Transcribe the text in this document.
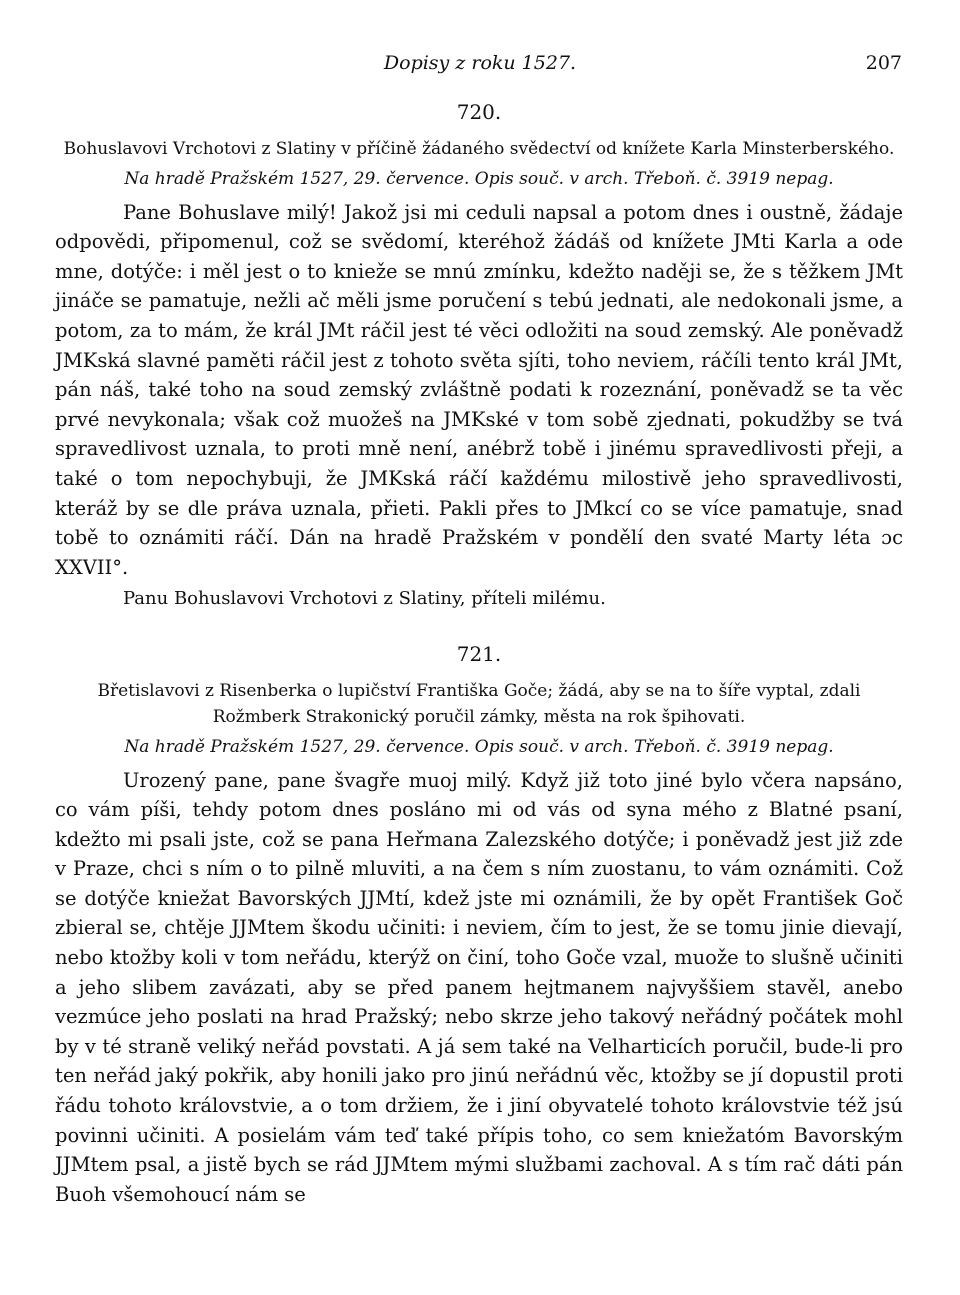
Dopisy z roku 1527.	207

720.

Bohuslavovi Vrchotovi z Slatiny v příčině žádaného svědectví od knížete Karla Minsterberského.

Na hradě Pražském 1527, 29. července. Opis souč. v arch. Třeboň. č. 3919 nepag.

Pane Bohuslave milý! Jakož jsi mi ceduli napsal a potom dnes i oustně, žádaje odpovědi, připomenul, což se svědomí, kteréhož žádáš od knížete JMti Karla a ode mne, dotýče: i měl jest o to knieže se mnú zmínku, kdežto naději se, že s těžkem JMt jináče se pamatuje, nežli ač měli jsme poručení s tebú jednati, ale nedokonali jsme, a potom, za to mám, že král JMt ráčil jest té věci odložiti na soud zemský. Ale poněvadž JMKská slavné paměti ráčil jest z tohoto světa sjíti, toho neviem, ráčíli tento král JMt, pán náš, také toho na soud zemský zvláštně podati k rozeznání, poněvadž se ta věc prvé nevykonala; však což muožeš na JMKské v tom sobě zjednati, pokudžby se tvá spravedlivost uznala, to proti mně není, anébrž tobě i jinému spravedlivosti přeji, a také o tom nepochybuji, že JMKská ráčí každému milostivě jeho spravedlivosti, kteráž by se dle práva uznala, přieti. Pakli přes to JMkcí co se více pamatuje, snad tobě to oznámiti ráčí. Dán na hradě Pražském v pondělí den svaté Marty léta ɔc XXVII°.

Panu Bohuslavovi Vrchotovi z Slatiny, příteli milému.

721.

Břetislavovi z Risenberka o lupičství Františka Goče; žádá, aby se na to šíře vyptal, zdali Rožmberk Strakonický poručil zámky, města na rok špihovati.

Na hradě Pražském 1527, 29. července. Opis souč. v arch. Třeboň. č. 3919 nepag.

Urozený pane, pane švagře muoj milý. Když již toto jiné bylo včera napsáno, co vám píši, tehdy potom dnes posláno mi od vás od syna mého z Blatné psaní, kdežto mi psali jste, což se pana Heřmana Zalezského dotýče; i poněvadž jest již zde v Praze, chci s ním o to pilně mluviti, a na čem s ním zuostanu, to vám oznámiti. Což se dotýče kniežat Bavorských JJMtí, kdež jste mi oznámili, že by opět František Goč zbieral se, chtěje JJMtem škodu učiniti: i neviem, čím to jest, že se tomu jinie dievají, nebo ktožby koli v tom neřádu, kterýž on činí, toho Goče vzal, muože to slušně učiniti a jeho slibem zavázati, aby se před panem hejtmanem najvyššiem stavěl, anebo vezmúce jeho poslati na hrad Pražský; nebo skrze jeho takový neřádný počátek mohl by v té straně veliký neřád povstati. A já sem také na Velharticích poručil, bude-li pro ten neřád jaký pokřik, aby honili jako pro jinú neřádnú věc, ktožby se jí dopustil proti řádu tohoto královstvie, a o tom držiem, že i jiní obyvatelé tohoto královstvie též jsú povinni učiniti. A posielám vám teď také přípis toho, co sem kniežatóm Bavorským JJMtem psal, a jistě bych se rád JJMtem mými službami zachoval. A s tím rač dáti pán Buoh všemohoucí nám se
